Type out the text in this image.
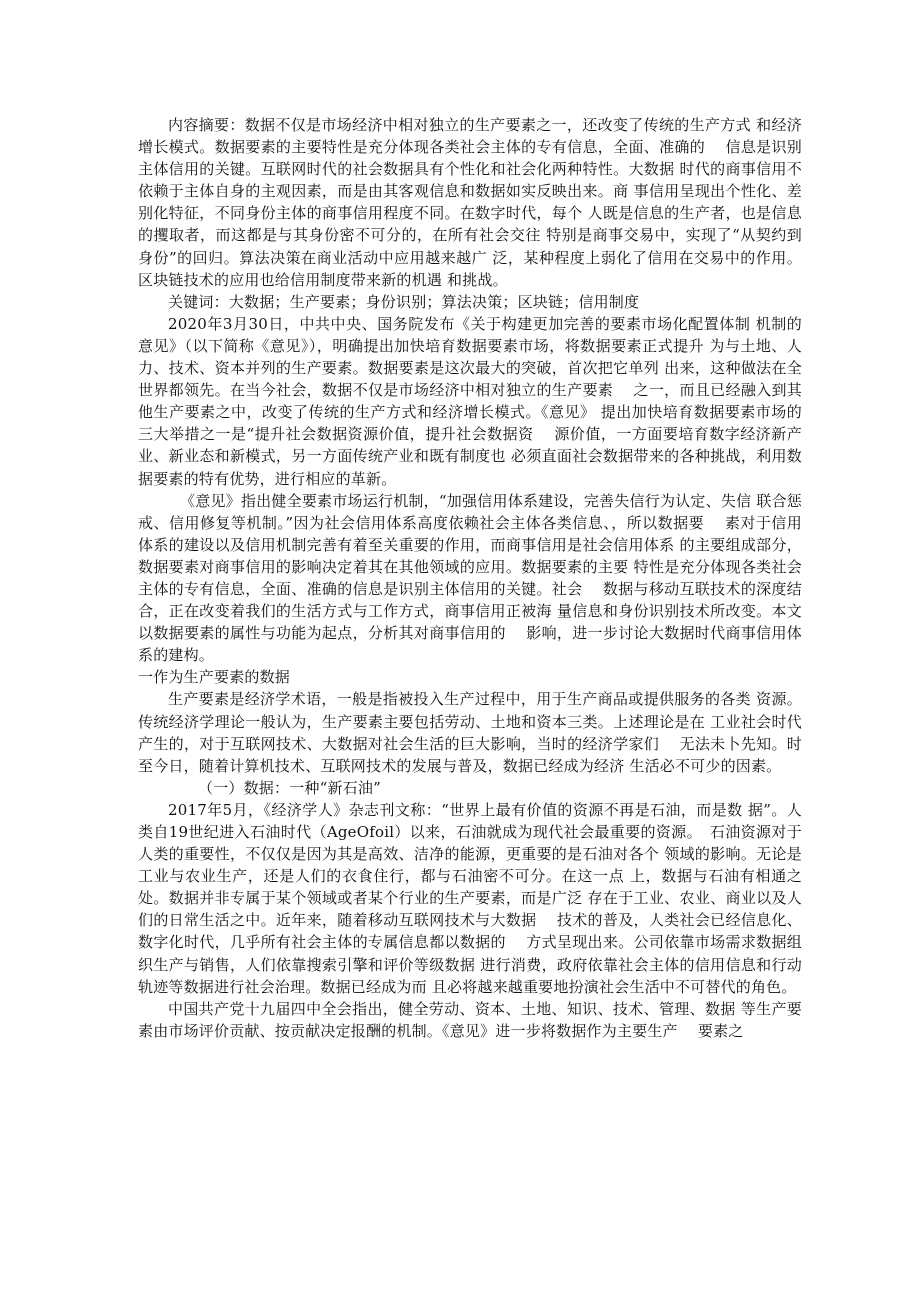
内容摘要：数据不仅是市场经济中相对独立的生产要素之一，还改变了传统的生产方式 和经济增长模式。数据要素的主要特性是充分体现各类社会主体的专有信息，全面、准确的　 信息是识别主体信用的关键。互联网时代的社会数据具有个性化和社会化两种特性。大数据 时代的商事信用不依赖于主体自身的主观因素，而是由其客观信息和数据如实反映出来。商 事信用呈现出个性化、差别化特征，不同身份主体的商事信用程度不同。在数字时代，每个 人既是信息的生产者，也是信息的攫取者，而这都是与其身份密不可分的，在所有社会交往 特别是商事交易中，实现了“从契约到身份”的回归。算法决策在商业活动中应用越来越广 泛，某种程度上弱化了信用在交易中的作用。区块链技术的应用也给信用制度带来新的机遇 和挑战。

关键词：大数据；生产要素；身份识别；算法决策；区块链；信用制度

2020年3月30日，中共中央、国务院发布《关于构建更加完善的要素市场化配置体制 机制的意见》（以下简称《意见》），明确提出加快培育数据要素市场，将数据要素正式提升 为与土地、人力、技术、资本并列的生产要素。数据要素是这次最大的突破，首次把它单列 出来，这种做法在全世界都领先。在当今社会，数据不仅是市场经济中相对独立的生产要素　 之一，而且已经融入到其他生产要素之中，改变了传统的生产方式和经济增长模式。《意见》 提出加快培育数据要素市场的三大举措之一是“提升社会数据资源价值，提升社会数据资　 源价值，一方面要培育数字经济新产业、新业态和新模式，另一方面传统产业和既有制度也 必须直面社会数据带来的各种挑战，利用数据要素的特有优势，进行相应的革新。

《意见》指出健全要素市场运行机制，“加强信用体系建设，完善失信行为认定、失信 联合惩戒、信用修复等机制。”因为社会信用体系高度依赖社会主体各类信息、，所以数据要　 素对于信用体系的建设以及信用机制完善有着至关重要的作用，而商事信用是社会信用体系 的主要组成部分，数据要素对商事信用的影响决定着其在其他领域的应用。数据要素的主要 特性是充分体现各类社会主体的专有信息，全面、准确的信息是识别主体信用的关键。社会　 数据与移动互联技术的深度结合，正在改变着我们的生活方式与工作方式，商事信用正被海 量信息和身份识别技术所改变。本文以数据要素的属性与功能为起点，分析其对商事信用的　 影响，进一步讨论大数据时代商事信用体系的建构。

一作为生产要素的数据

生产要素是经济学术语，一般是指被投入生产过程中，用于生产商品或提供服务的各类 资源。传统经济学理论一般认为，生产要素主要包括劳动、土地和资本三类。上述理论是在 工业社会时代产生的，对于互联网技术、大数据对社会生活的巨大影响，当时的经济学家们　 无法未卜先知。时至今日，随着计算机技术、互联网技术的发展与普及，数据已经成为经济 生活必不可少的因素。

（一）数据：一种“新石油”

2017年5月，《经济学人》杂志刊文称：“世界上最有价值的资源不再是石油，而是数 据”。人类自19世纪进入石油时代（AgeOfoil）以来，石油就成为现代社会最重要的资源。　石油资源对于人类的重要性，不仅仅是因为其是高效、洁净的能源，更重要的是石油对各个 领域的影响。无论是工业与农业生产，还是人们的衣食住行，都与石油密不可分。在这一点 上，数据与石油有相通之处。数据并非专属于某个领域或者某个行业的生产要素，而是广泛 存在于工业、农业、商业以及人们的日常生活之中。近年来，随着移动互联网技术与大数据　 技术的普及，人类社会已经信息化、数字化时代，几乎所有社会主体的专属信息都以数据的　 方式呈现出来。公司依靠市场需求数据组织生产与销售，人们依靠搜索引擎和评价等级数据 进行消费，政府依靠社会主体的信用信息和行动轨迹等数据进行社会治理。数据已经成为而 且必将越来越重要地扮演社会生活中不可替代的角色。

中国共产党十九届四中全会指出，健全劳动、资本、土地、知识、技术、管理、数据 等生产要素由市场评价贡献、按贡献决定报酬的机制。《意见》进一步将数据作为主要生产　 要素之
